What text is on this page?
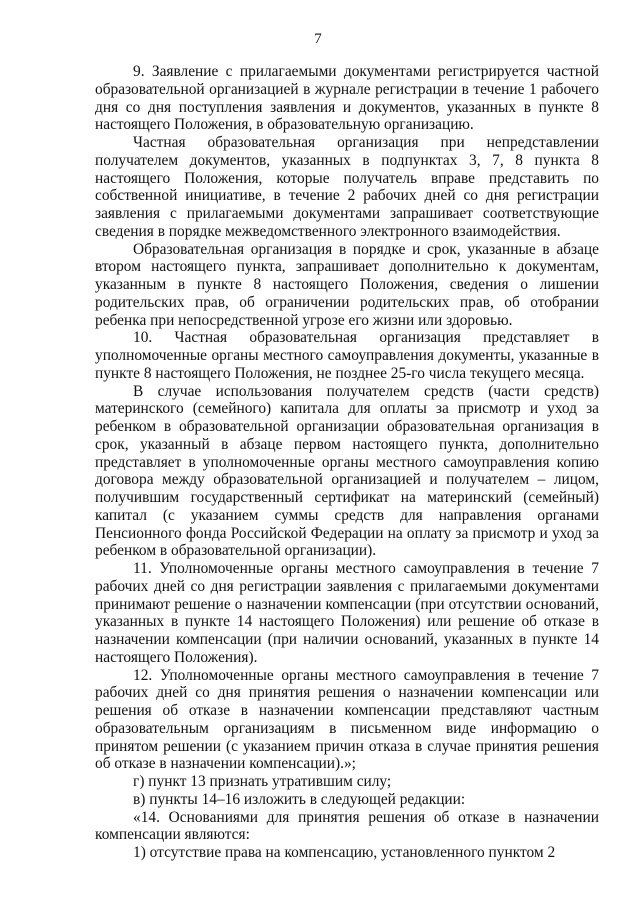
7

9. Заявление с прилагаемыми документами регистрируется частной образовательной организацией в журнале регистрации в течение 1 рабочего дня со дня поступления заявления и документов, указанных в пункте 8 настоящего Положения, в образовательную организацию.

Частная образовательная организация при непредставлении получателем документов, указанных в подпунктах 3, 7, 8 пункта 8 настоящего Положения, которые получатель вправе представить по собственной инициативе, в течение 2 рабочих дней со дня регистрации заявления с прилагаемыми документами запрашивает соответствующие сведения в порядке межведомственного электронного взаимодействия.

Образовательная организация в порядке и срок, указанные в абзаце втором настоящего пункта, запрашивает дополнительно к документам, указанным в пункте 8 настоящего Положения, сведения о лишении родительских прав, об ограничении родительских прав, об отобрании ребенка при непосредственной угрозе его жизни или здоровью.

10. Частная образовательная организация представляет в уполномоченные органы местного самоуправления документы, указанные в пункте 8 настоящего Положения, не позднее 25-го числа текущего месяца.

В случае использования получателем средств (части средств) материнского (семейного) капитала для оплаты за присмотр и уход за ребенком в образовательной организации образовательная организация в срок, указанный в абзаце первом настоящего пункта, дополнительно представляет в уполномоченные органы местного самоуправления копию договора между образовательной организацией и получателем – лицом, получившим государственный сертификат на материнский (семейный) капитал (с указанием суммы средств для направления органами Пенсионного фонда Российской Федерации на оплату за присмотр и уход за ребенком в образовательной организации).

11. Уполномоченные органы местного самоуправления в течение 7 рабочих дней со дня регистрации заявления с прилагаемыми документами принимают решение о назначении компенсации (при отсутствии оснований, указанных в пункте 14 настоящего Положения) или решение об отказе в назначении компенсации (при наличии оснований, указанных в пункте 14 настоящего Положения).

12. Уполномоченные органы местного самоуправления в течение 7 рабочих дней со дня принятия решения о назначении компенсации или решения об отказе в назначении компенсации представляют частным образовательным организациям в письменном виде информацию о принятом решении (с указанием причин отказа в случае принятия решения об отказе в назначении компенсации).»;

г) пункт 13 признать утратившим силу;

в) пункты 14–16 изложить в следующей редакции:

«14. Основаниями для принятия решения об отказе в назначении компенсации являются:

1) отсутствие права на компенсацию, установленного пунктом 2
